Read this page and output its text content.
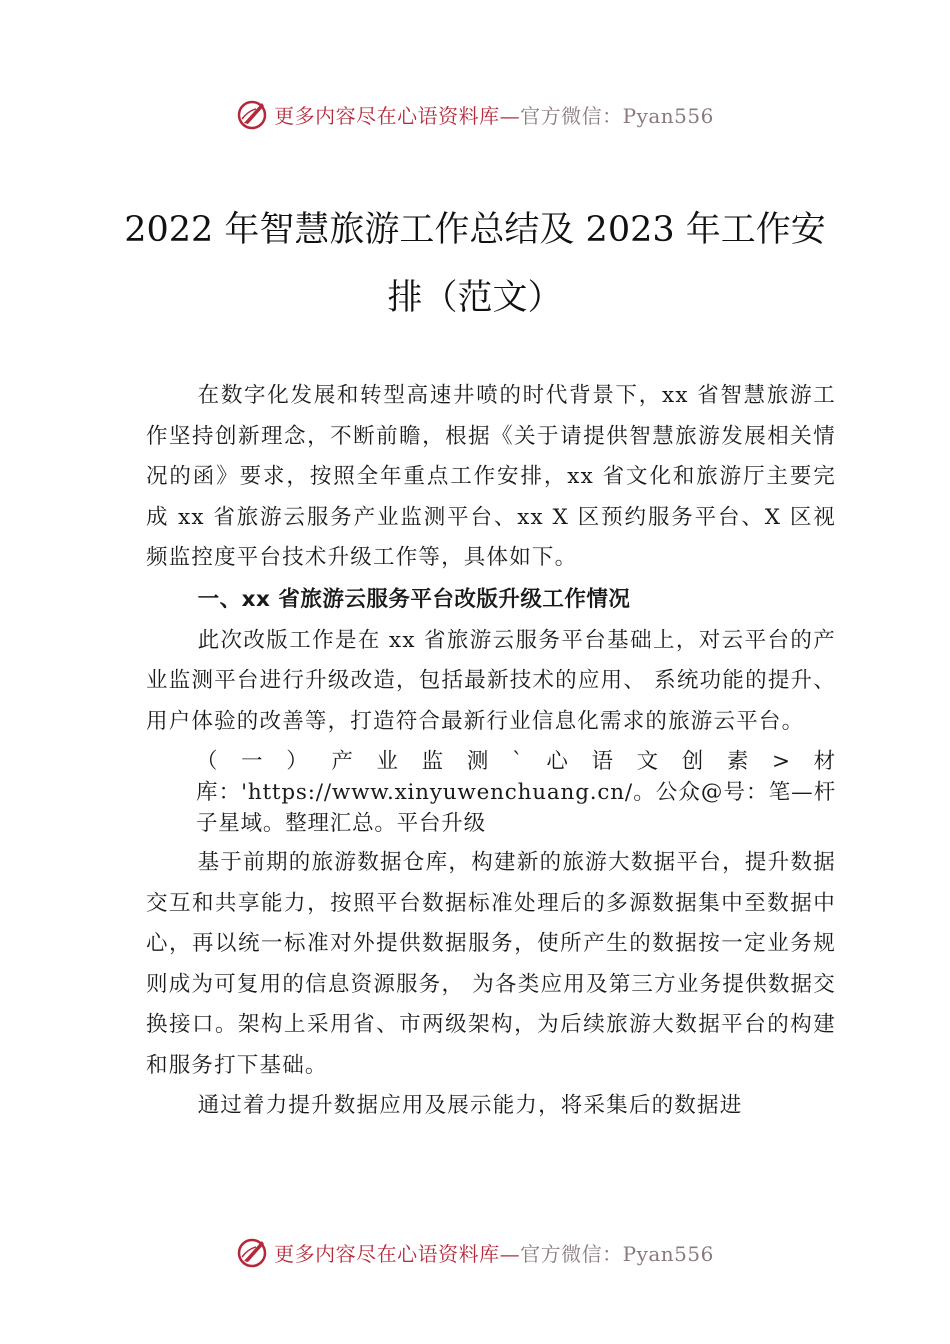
更多内容尽在心语资料库—官方微信：Pyan556
2022 年智慧旅游工作总结及 2023 年工作安
排（范文）

在数字化发展和转型高速井喷的时代背景下，xx 省智慧旅游工作坚持创新理念，不断前瞻，根据《关于请提供智慧旅游发展相关情况的函》要求，按照全年重点工作安排，xx 省文化和旅游厅主要完成 xx 省旅游云服务产业监测平台、xx X 区预约服务平台、X 区视频监控度平台技术升级工作等，具体如下。

一、xx 省旅游云服务平台改版升级工作情况

此次改版工作是在 xx 省旅游云服务平台基础上，对云平台的产业监测平台进行升级改造，包括最新技术的应用、 系统功能的提升、用户体验的改善等，打造符合最新行业信息化需求的旅游云平台。

（一）产业监测`心语文创素>材库：'https://www.xinyuwenchuang.cn/。公众@号：笔—杆子星域。整理汇总。平台升级

基于前期的旅游数据仓库，构建新的旅游大数据平台，提升数据交互和共享能力，按照平台数据标准处理后的多源数据集中至数据中心，再以统一标准对外提供数据服务，使所产生的数据按一定业务规则成为可复用的信息资源服务， 为各类应用及第三方业务提供数据交换接口。架构上采用省、市两级架构，为后续旅游大数据平台的构建和服务打下基础。

通过着力提升数据应用及展示能力，将采集后的数据进

更多内容尽在心语资料库—官方微信：Pyan556
